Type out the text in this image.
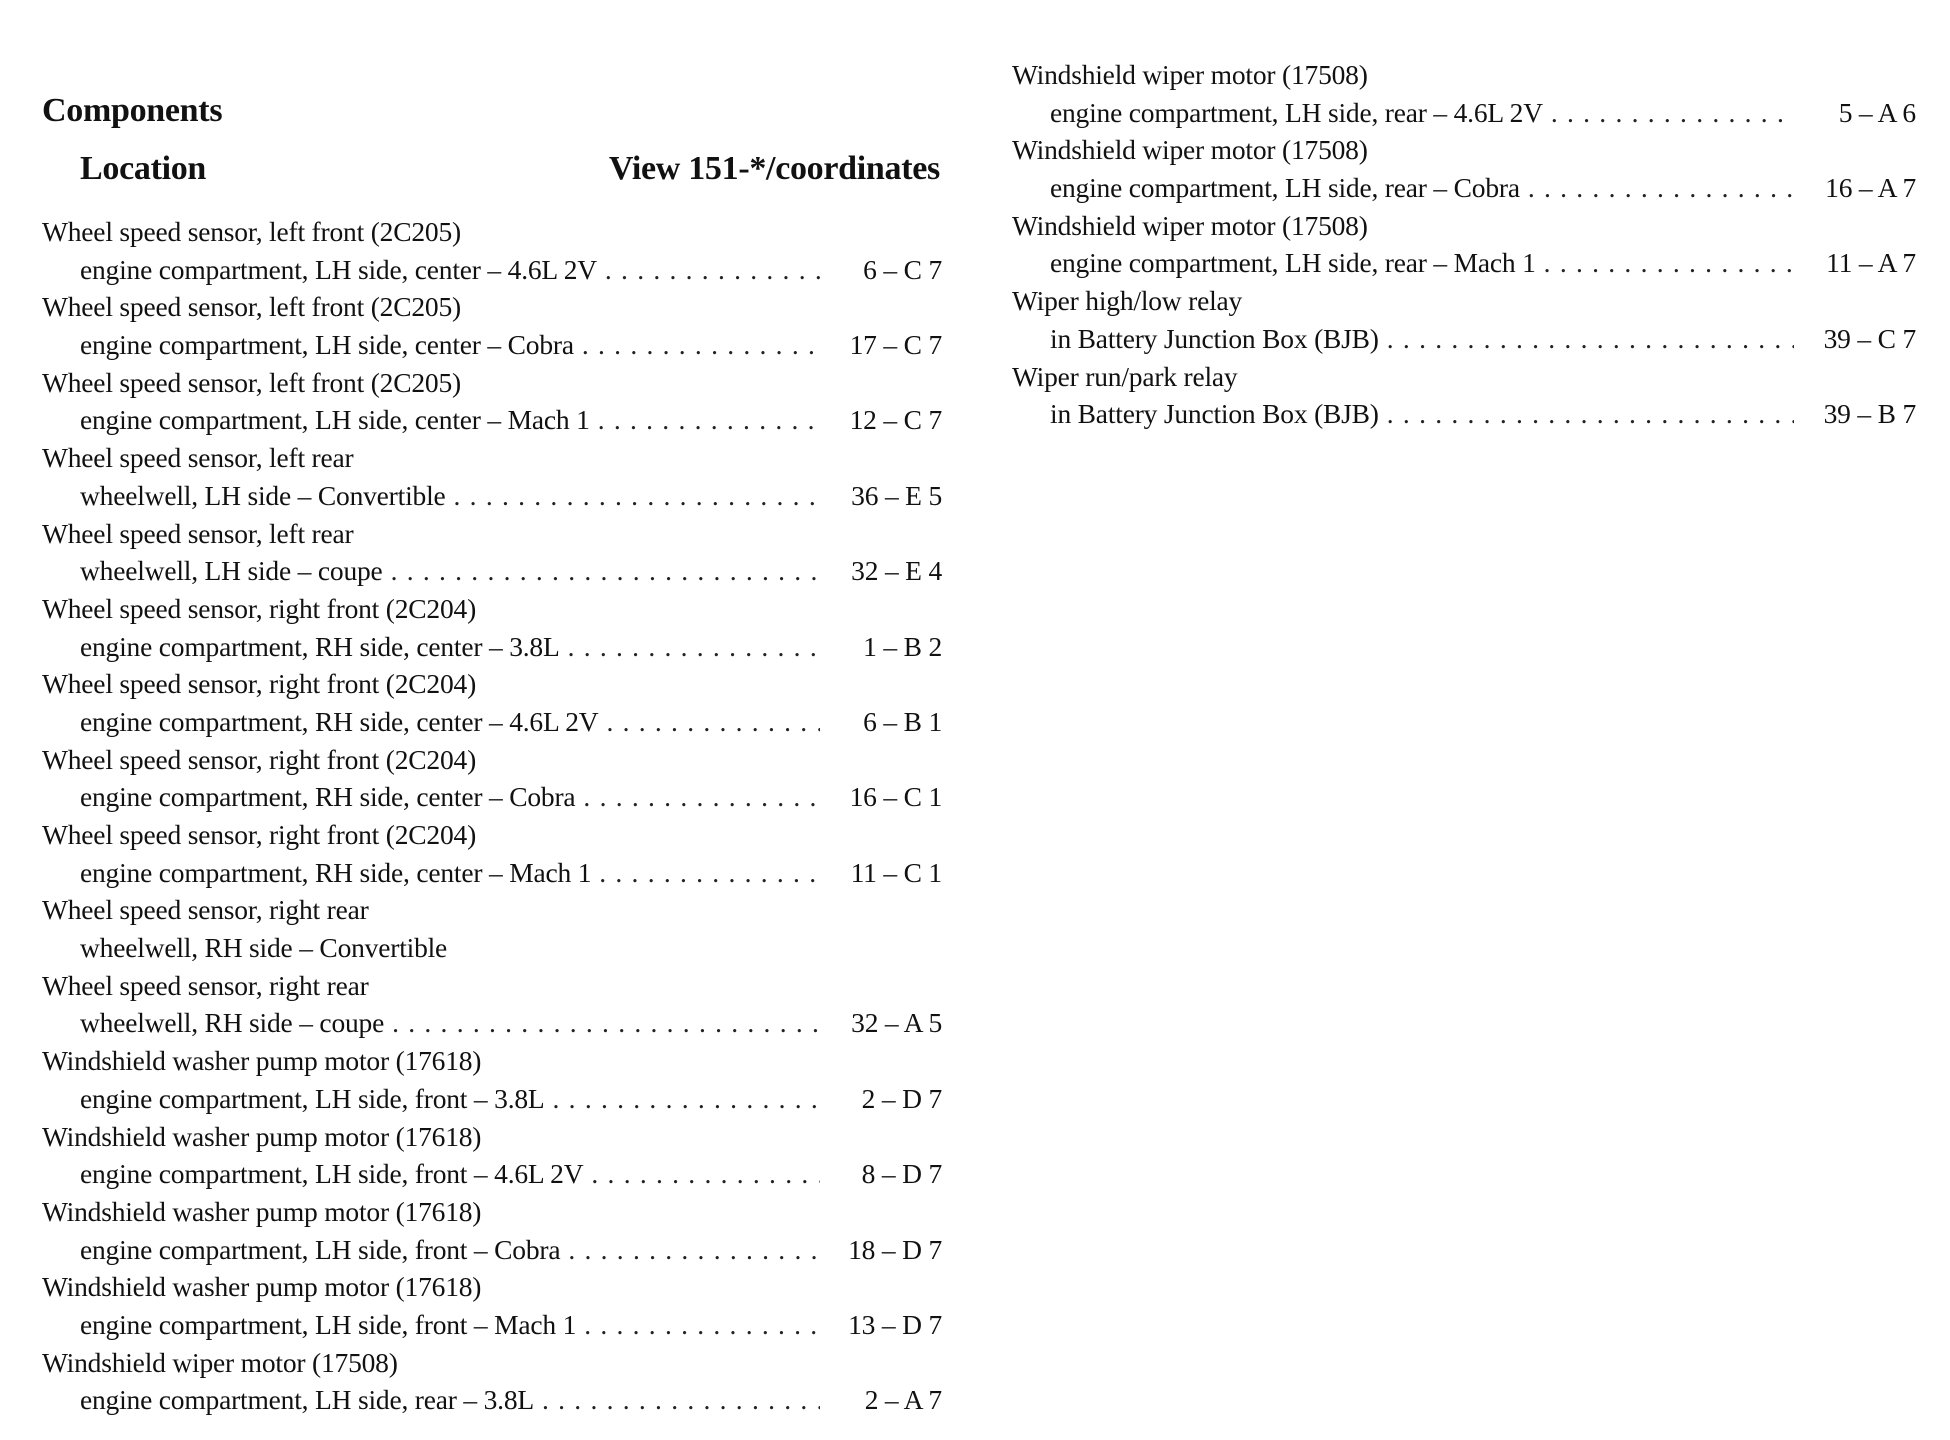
Components
Location	View 151-*/coordinates
Wheel speed sensor, left front (2C205)
engine compartment, LH side, center – 4.6L 2V . . .	6 – C 7
Wheel speed sensor, left front (2C205)
engine compartment, LH side, center – Cobra . . .	17 – C 7
Wheel speed sensor, left front (2C205)
engine compartment, LH side, center – Mach 1 . . .	12 – C 7
Wheel speed sensor, left rear
wheelwell, LH side – Convertible . . .	36 – E 5
Wheel speed sensor, left rear
wheelwell, LH side – coupe . . .	32 – E 4
Wheel speed sensor, right front (2C204)
engine compartment, RH side, center – 3.8L . . .	1 – B 2
Wheel speed sensor, right front (2C204)
engine compartment, RH side, center – 4.6L 2V . . .	6 – B 1
Wheel speed sensor, right front (2C204)
engine compartment, RH side, center – Cobra . . .	16 – C 1
Wheel speed sensor, right front (2C204)
engine compartment, RH side, center – Mach 1 . . .	11 – C 1
Wheel speed sensor, right rear
wheelwell, RH side – Convertible
Wheel speed sensor, right rear
wheelwell, RH side – coupe . . .	32 – A 5
Windshield washer pump motor (17618)
engine compartment, LH side, front – 3.8L . . .	2 – D 7
Windshield washer pump motor (17618)
engine compartment, LH side, front – 4.6L 2V . . .	8 – D 7
Windshield washer pump motor (17618)
engine compartment, LH side, front – Cobra . . .	18 – D 7
Windshield washer pump motor (17618)
engine compartment, LH side, front – Mach 1 . . .	13 – D 7
Windshield wiper motor (17508)
engine compartment, LH side, rear – 3.8L . . .	2 – A 7
Windshield wiper motor (17508)
engine compartment, LH side, rear – 4.6L 2V . . .	5 – A 6
Windshield wiper motor (17508)
engine compartment, LH side, rear – Cobra . . .	16 – A 7
Windshield wiper motor (17508)
engine compartment, LH side, rear – Mach 1 . . .	11 – A 7
Wiper high/low relay
in Battery Junction Box (BJB) . . .	39 – C 7
Wiper run/park relay
in Battery Junction Box (BJB) . . .	39 – B 7
